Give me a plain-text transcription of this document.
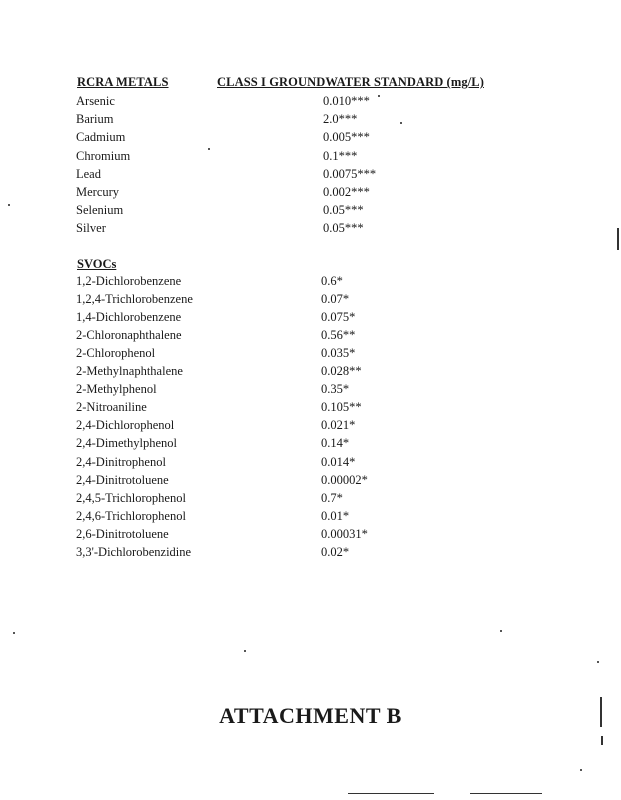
RCRA METALS	CLASS I GROUNDWATER STANDARD (mg/L)
Arsenic	0.010***
Barium	2.0***
Cadmium	0.005***
Chromium	0.1***
Lead	0.0075***
Mercury	0.002***
Selenium	0.05***
Silver	0.05***
SVOCs
1,2-Dichlorobenzene	0.6*
1,2,4-Trichlorobenzene	0.07*
1,4-Dichlorobenzene	0.075*
2-Chloronaphthalene	0.56**
2-Chlorophenol	0.035*
2-Methylnaphthalene	0.028**
2-Methylphenol	0.35*
2-Nitroaniline	0.105**
2,4-Dichlorophenol	0.021*
2,4-Dimethylphenol	0.14*
2,4-Dinitrophenol	0.014*
2,4-Dinitrotoluene	0.00002*
2,4,5-Trichlorophenol	0.7*
2,4,6-Trichlorophenol	0.01*
2,6-Dinitrotoluene	0.00031*
3,3'-Dichlorobenzidine	0.02*
ATTACHMENT B
